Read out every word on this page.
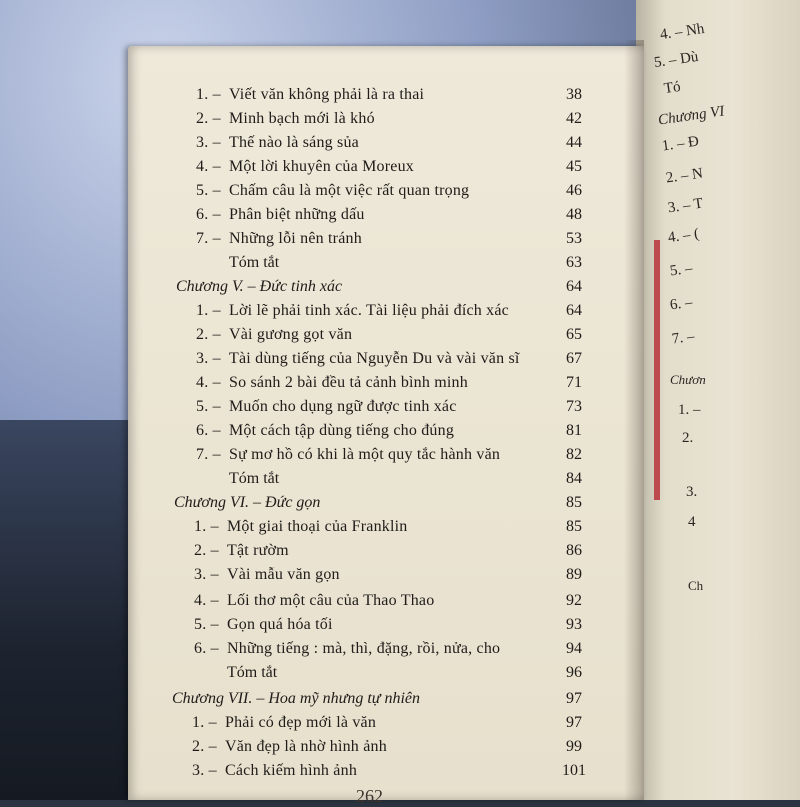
4. – Nh
5. – Dù
Tó
Chương VI
1. – Đ
2. – N
3. – T
4. – (
5. –
6. –
7. –
Chươn
1. –
2.
3.
4
Ch
1. – Viết văn không phải là ra thai	38
2. – Minh bạch mới là khó	42
3. – Thế nào là sáng sủa	44
4. – Một lời khuyên của Moreux	45
5. – Chấm câu là một việc rất quan trọng	46
6. – Phân biệt những dấu	48
7. – Những lỗi nên tránh	53
Tóm tắt	63
Chương V. – Đức tinh xác	64
1. – Lời lẽ phải tinh xác. Tài liệu phải đích xác	64
2. – Vài gương gọt văn	65
3. – Tài dùng tiếng của Nguyễn Du và vài văn sĩ	67
4. – So sánh 2 bài đều tả cảnh bình minh	71
5. – Muốn cho dụng ngữ được tinh xác	73
6. – Một cách tập dùng tiếng cho đúng	81
7. – Sự mơ hồ có khi là một quy tắc hành văn	82
Tóm tắt	84
Chương VI. – Đức gọn	85
1. – Một giai thoại của Franklin	85
2. – Tật rườm	86
3. – Vài mẫu văn gọn	89
4. – Lối thơ một câu của Thao Thao	92
5. – Gọn quá hóa tối	93
6. – Những tiếng : mà, thì, đặng, rồi, nửa, cho	94
Tóm tắt	96
Chương VII. – Hoa mỹ nhưng tự nhiên	97
1. – Phải có đẹp mới là văn	97
2. – Văn đẹp là nhờ hình ảnh	99
3. – Cách kiếm hình ảnh	101
262
